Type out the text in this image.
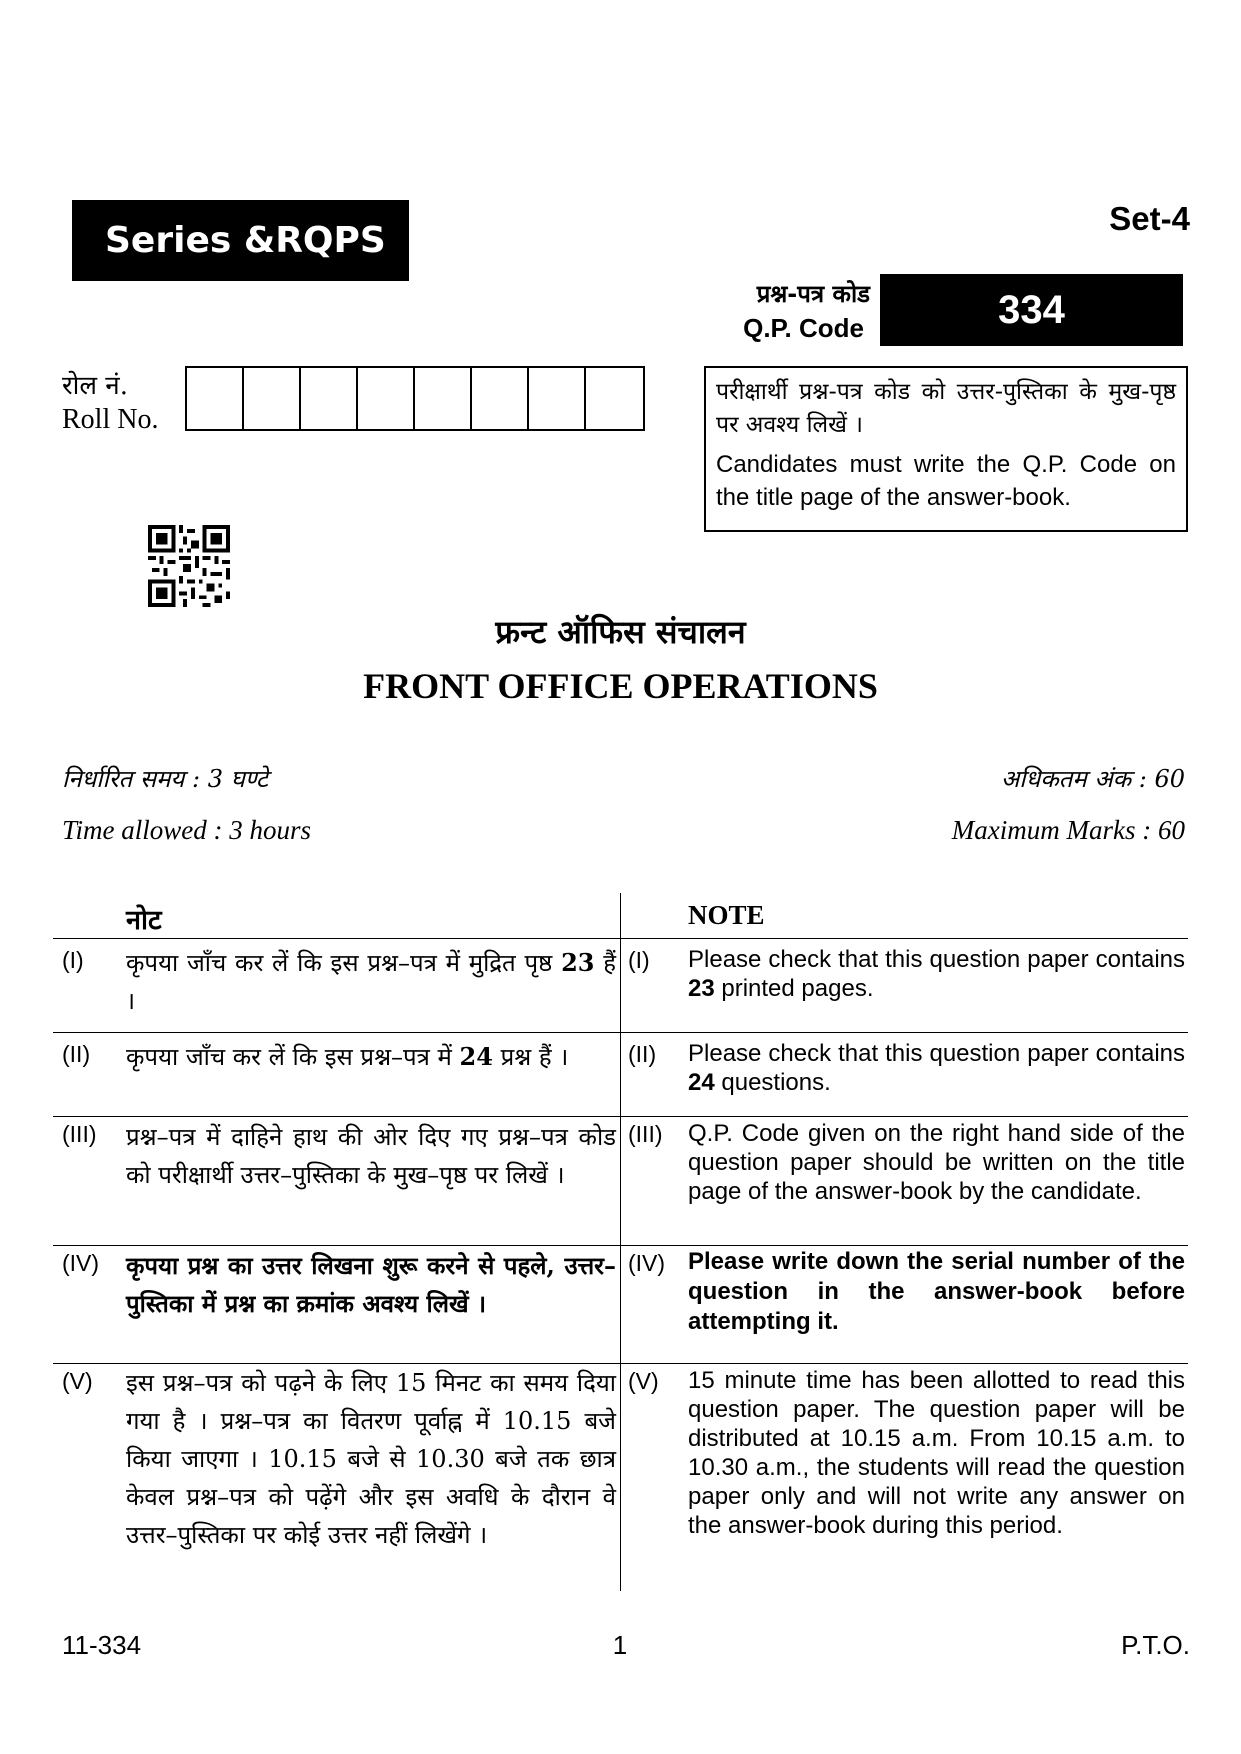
Series &RQPS
Set-4
प्रश्न-पत्र कोड
Q.P. Code	334
रोल नं.
Roll No.
परीक्षार्थी प्रश्न-पत्र कोड को उत्तर-पुस्तिका के मुख-पृष्ठ पर अवश्य लिखें ।
Candidates must write the Q.P. Code on the title page of the answer-book.
फ्रन्ट ऑफिस संचालन
FRONT OFFICE OPERATIONS
निर्धारित समय : 3 घण्टे
Time allowed : 3 hours
अधिकतम अंक : 60
Maximum Marks : 60
नोट	NOTE
(I) कृपया जाँच कर लें कि इस प्रश्न–पत्र में मुद्रित पृष्ठ 23 हैं ।
(I) Please check that this question paper contains 23 printed pages.
(II) कृपया जाँच कर लें कि इस प्रश्न–पत्र में 24 प्रश्न हैं ।	(II) Please check that this question paper contains 24 questions.
(III) प्रश्न–पत्र में दाहिने हाथ की ओर दिए गए प्रश्न–पत्र कोड को परीक्षार्थी उत्तर–पुस्तिका के मुख–पृष्ठ पर लिखें ।
(III) Q.P. Code given on the right hand side of the question paper should be written on the title page of the answer-book by the candidate.
(IV) कृपया प्रश्न का उत्तर लिखना शुरू करने से पहले, उत्तर–पुस्तिका में प्रश्न का क्रमांक अवश्य लिखें ।
(IV) Please write down the serial number of the question in the answer-book before attempting it.
(V) इस प्रश्न–पत्र को पढ़ने के लिए 15 मिनट का समय दिया गया है । प्रश्न–पत्र का वितरण पूर्वाह्न में 10.15 बजे किया जाएगा । 10.15 बजे से 10.30 बजे तक छात्र केवल प्रश्न–पत्र को पढ़ेंगे और इस अवधि के दौरान वे उत्तर–पुस्तिका पर कोई उत्तर नहीं लिखेंगे ।
(V) 15 minute time has been allotted to read this question paper. The question paper will be distributed at 10.15 a.m. From 10.15 a.m. to 10.30 a.m., the students will read the question paper only and will not write any answer on the answer-book during this period.
11-334	1	P.T.O.
